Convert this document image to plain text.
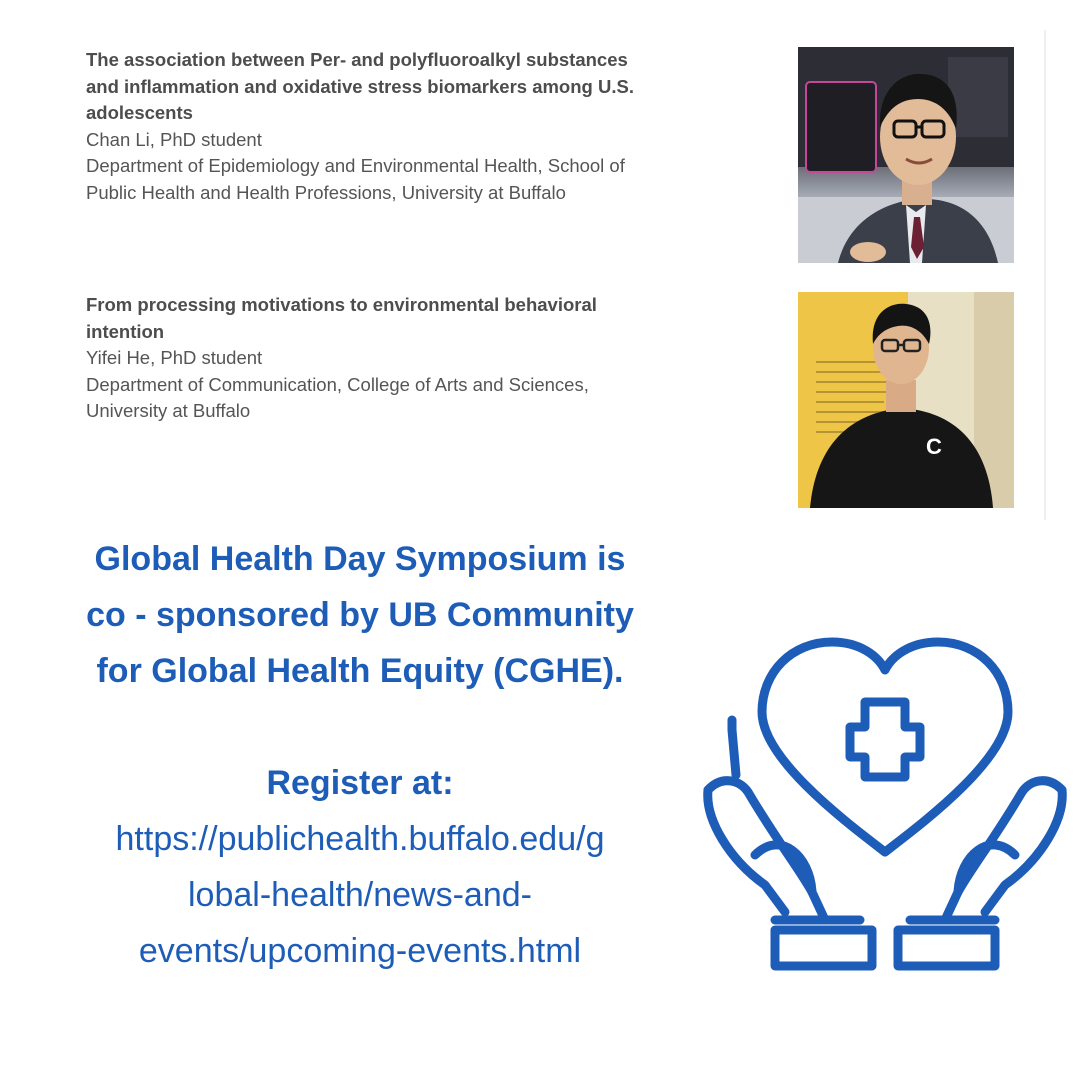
The association between Per- and polyfluoroalkyl substances

and inflammation and oxidative stress biomarkers among U.S.

adolescents

Chan Li, PhD student

Department of Epidemiology and Environmental Health, School of

Public Health and Health Professions, University at Buffalo

From processing motivations to environmental behavioral

intention

Yifei He, PhD student

Department of Communication, College of Arts and Sciences,

University at Buffalo

C

Global Health Day Symposium is

co - sponsored by UB Community

for Global Health Equity (CGHE).

Register at:

https://publichealth.buffalo.edu/g

lobal-health/news-and-

events/upcoming-events.html
